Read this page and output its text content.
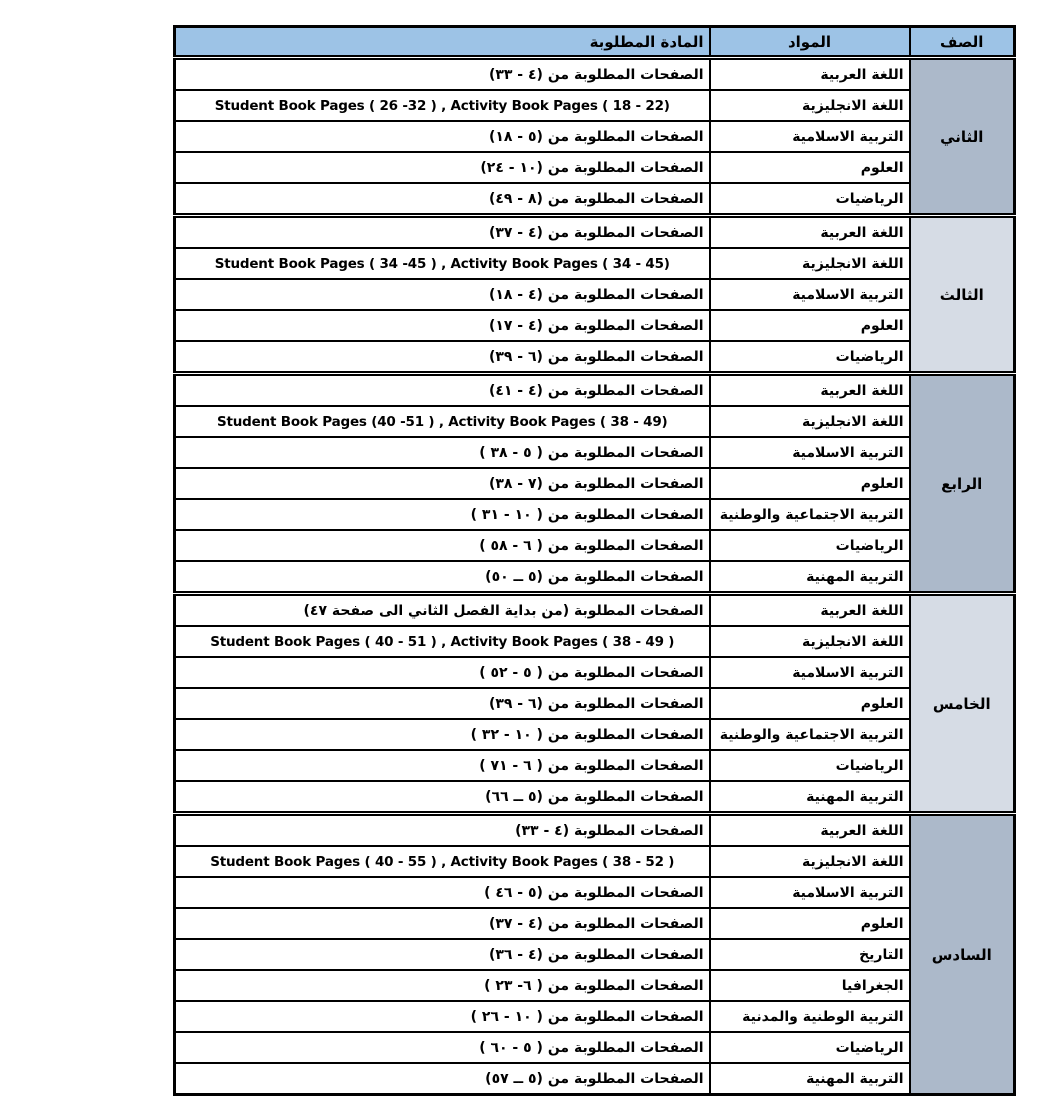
الصف	المواد	المادة المطلوبة
الثاني	اللغة العربية	الصفحات المطلوبة من (٤ - ٣٣)
	اللغة الانجليزية	Student Book Pages ( 26 -32 ) , Activity Book Pages ( 18 - 22)
	التربية الاسلامية	الصفحات المطلوبة من (٥ - ١٨)
	العلوم	الصفحات المطلوبة من (١٠ - ٢٤)
	الرياضيات	الصفحات المطلوبة من (٨ - ٤٩)
الثالث	اللغة العربية	الصفحات المطلوبة من (٤ - ٣٧)
	اللغة الانجليزية	Student Book Pages ( 34 -45 ) , Activity Book Pages ( 34 - 45)
	التربية الاسلامية	الصفحات المطلوبة من (٤ - ١٨)
	العلوم	الصفحات المطلوبة من (٤ - ١٧)
	الرياضيات	الصفحات المطلوبة من (٦ - ٣٩)
الرابع	اللغة العربية	الصفحات المطلوبة من (٤ - ٤١)
	اللغة الانجليزية	Student Book Pages (40 -51 ) , Activity Book Pages ( 38 - 49)
	التربية الاسلامية	الصفحات المطلوبة من ( ٥ - ٣٨ )
	العلوم	الصفحات المطلوبة من (٧ - ٣٨)
	التربية الاجتماعية والوطنية	الصفحات المطلوبة من ( ١٠ - ٣١ )
	الرياضيات	الصفحات المطلوبة من ( ٦ - ٥٨ )
	التربية المهنية	الصفحات المطلوبة من (٥ ــ ٥٠)
الخامس	اللغة العربية	الصفحات المطلوبة (من بداية الفصل الثاني الى صفحة ٤٧)
	اللغة الانجليزية	Student Book Pages ( 40 - 51 ) , Activity Book Pages ( 38 - 49 )
	التربية الاسلامية	الصفحات المطلوبة من ( ٥ - ٥٢ )
	العلوم	الصفحات المطلوبة من (٦ - ٣٩)
	التربية الاجتماعية والوطنية	الصفحات المطلوبة من ( ١٠ - ٣٢ )
	الرياضيات	الصفحات المطلوبة من ( ٦ - ٧١ )
	التربية المهنية	الصفحات المطلوبة من (٥ ــ ٦٦)
السادس	اللغة العربية	الصفحات المطلوبة (٤ - ٣٣)
	اللغة الانجليزية	Student Book Pages ( 40 - 55 ) , Activity Book Pages ( 38 - 52 )
	التربية الاسلامية	الصفحات المطلوبة من (٥ - ٤٦ )
	العلوم	الصفحات المطلوبة من (٤ - ٣٧)
	التاريخ	الصفحات المطلوبة من (٤ - ٣٦)
	الجغرافيا	الصفحات المطلوبة من ( ٦- ٢٣ )
	التربية الوطنية والمدنية	الصفحات المطلوبة من ( ١٠ - ٢٦ )
	الرياضيات	الصفحات المطلوبة من ( ٥ - ٦٠ )
	التربية المهنية	الصفحات المطلوبة من (٥ ــ ٥٧)
